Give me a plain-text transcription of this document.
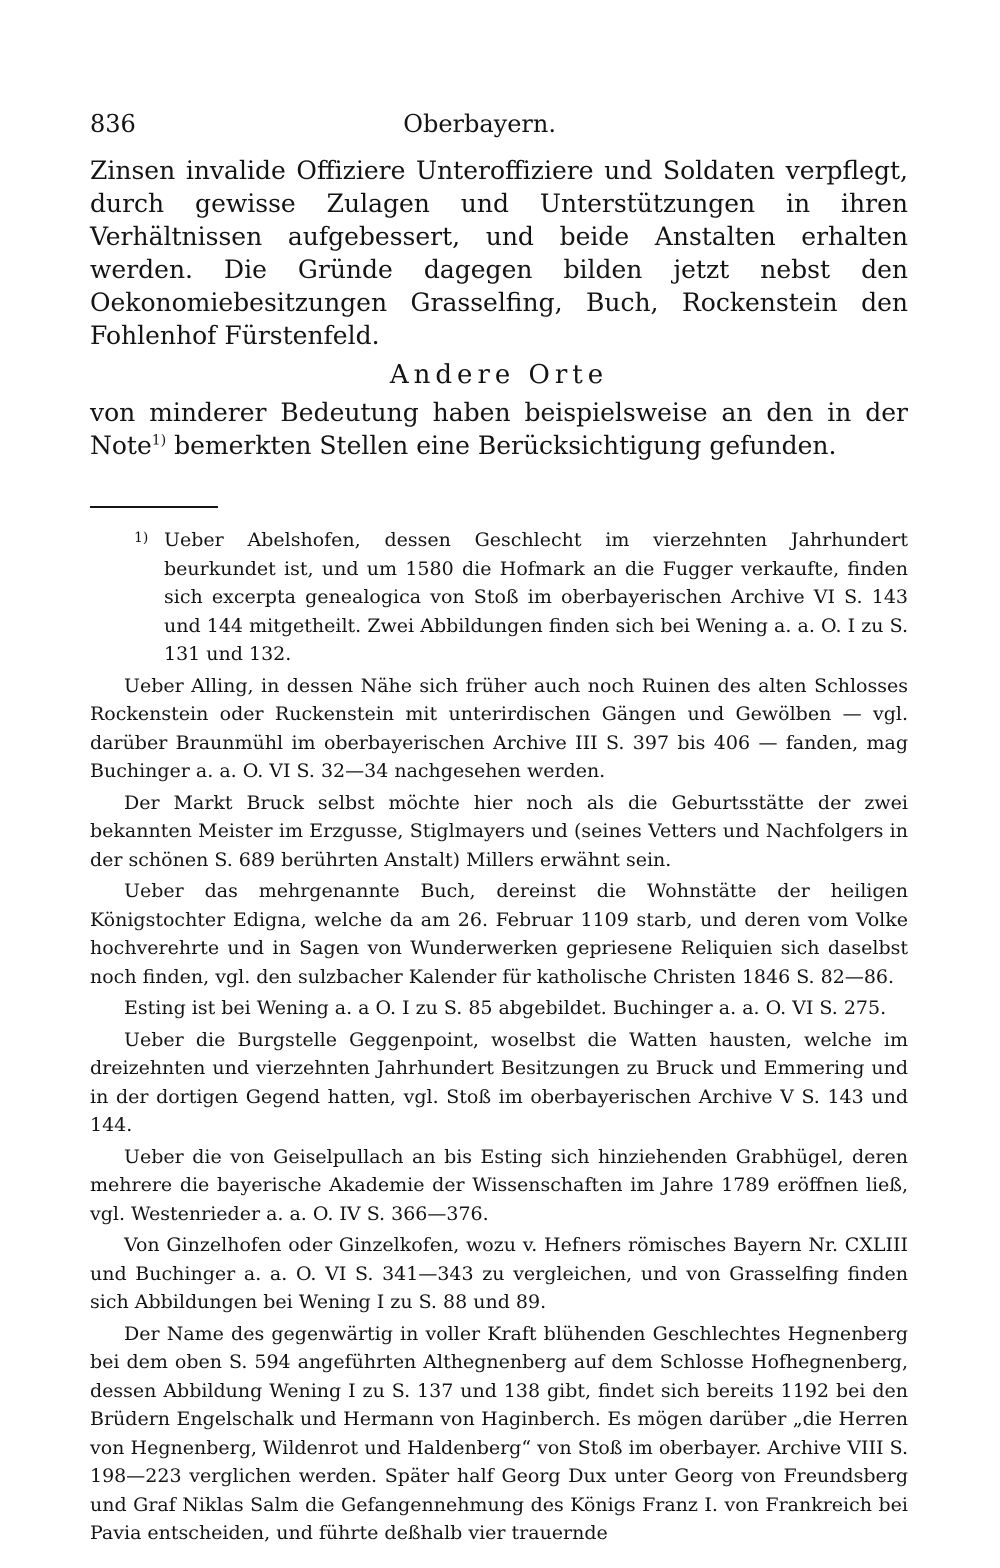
836	Oberbayern.

Zinsen invalide Offiziere Unteroffiziere und Soldaten verpflegt, durch gewisse Zulagen und Unterstützungen in ihren Verhältnissen aufgebessert, und beide Anstalten erhalten werden. Die Gründe dagegen bilden jetzt nebst den Oekonomiebesitzungen Grasselfing, Buch, Rockenstein den Fohlenhof Fürstenfeld.

Andere Orte

von minderer Bedeutung haben beispielsweise an den in der Note$^{1)}$ bemerkten Stellen eine Berücksichtigung gefunden.

1) Ueber Abelshofen, dessen Geschlecht im vierzehnten Jahrhundert beurkundet ist, und um 1580 die Hofmark an die Fugger verkaufte, finden sich excerpta genealogica von Stoß im oberbayerischen Archive VI S. 143 und 144 mitgetheilt. Zwei Abbildungen finden sich bei Wening a. a. O. I zu S. 131 und 132.

Ueber Alling, in dessen Nähe sich früher auch noch Ruinen des alten Schlosses Rockenstein oder Ruckenstein mit unterirdischen Gängen und Gewölben — vgl. darüber Braunmühl im oberbayerischen Archive III S. 397 bis 406 — fanden, mag Buchinger a. a. O. VI S. 32—34 nachgesehen werden.

Der Markt Bruck selbst möchte hier noch als die Geburtsstätte der zwei bekannten Meister im Erzgusse, Stiglmayers und (seines Vetters und Nachfolgers in der schönen S. 689 berührten Anstalt) Millers erwähnt sein.

Ueber das mehrgenannte Buch, dereinst die Wohnstätte der heiligen Königstochter Edigna, welche da am 26. Februar 1109 starb, und deren vom Volke hochverehrte und in Sagen von Wunderwerken gepriesene Reliquien sich daselbst noch finden, vgl. den sulzbacher Kalender für katholische Christen 1846 S. 82—86.

Esting ist bei Wening a. a O. I zu S. 85 abgebildet. Buchinger a. a. O. VI S. 275.

Ueber die Burgstelle Geggenpoint, woselbst die Watten hausten, welche im dreizehnten und vierzehnten Jahrhundert Besitzungen zu Bruck und Emmering und in der dortigen Gegend hatten, vgl. Stoß im oberbayerischen Archive V S. 143 und 144.

Ueber die von Geiselpullach an bis Esting sich hinziehenden Grabhügel, deren mehrere die bayerische Akademie der Wissenschaften im Jahre 1789 eröffnen ließ, vgl. Westenrieder a. a. O. IV S. 366—376.

Von Ginzelhofen oder Ginzelkofen, wozu v. Hefners römisches Bayern Nr. CXLIII und Buchinger a. a. O. VI S. 341—343 zu vergleichen, und von Grasselfing finden sich Abbildungen bei Wening I zu S. 88 und 89.

Der Name des gegenwärtig in voller Kraft blühenden Geschlechtes Hegnenberg bei dem oben S. 594 angeführten Althegnenberg auf dem Schlosse Hofhegnenberg, dessen Abbildung Wening I zu S. 137 und 138 gibt, findet sich bereits 1192 bei den Brüdern Engelschalk und Hermann von Haginberch. Es mögen darüber „die Herren von Hegnenberg, Wildenrot und Haldenberg“ von Stoß im oberbayer. Archive VIII S. 198—223 verglichen werden. Später half Georg Dux unter Georg von Freundsberg und Graf Niklas Salm die Gefangennehmung des Königs Franz I. von Frankreich bei Pavia entscheiden, und führte deßhalb vier trauernde
